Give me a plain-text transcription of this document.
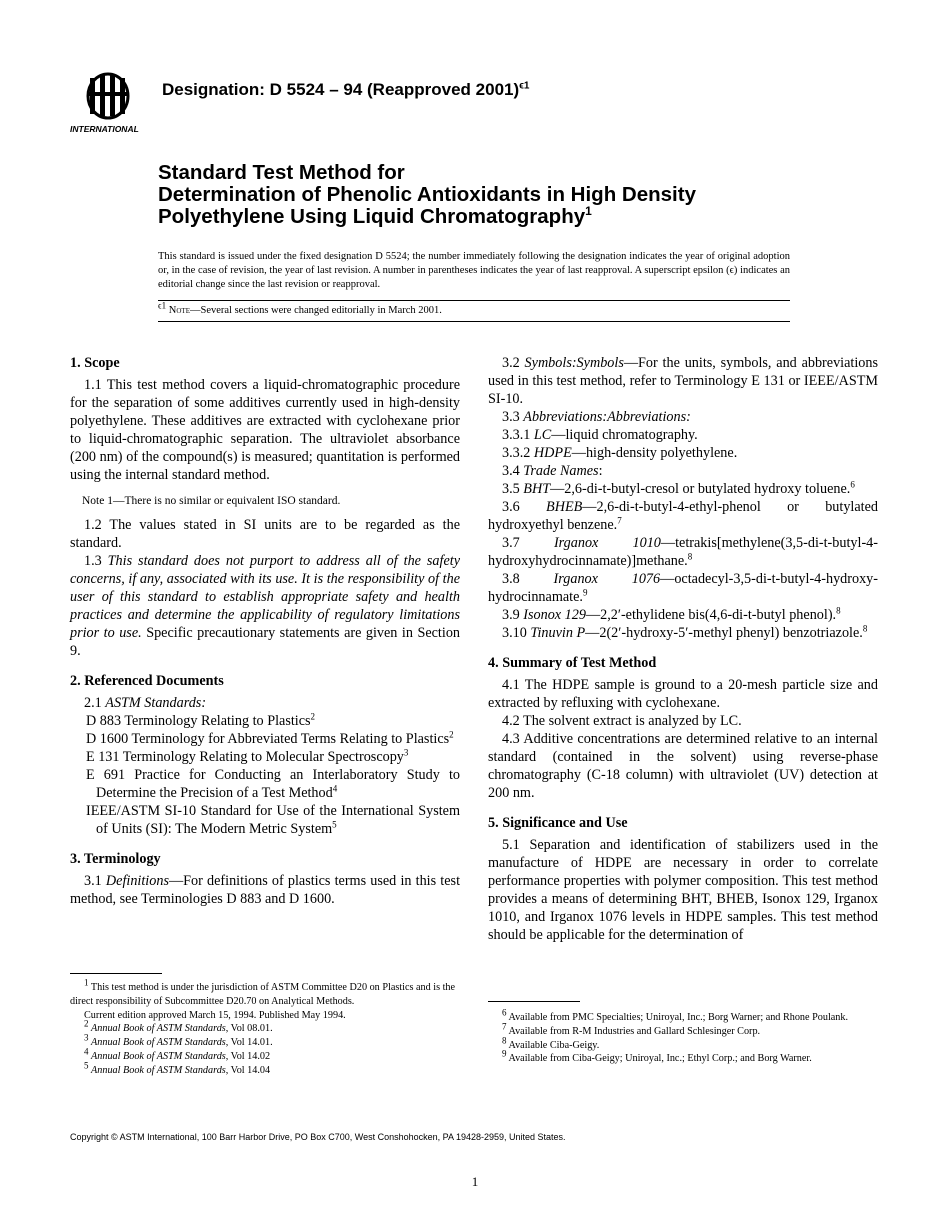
INTERNATIONAL
Designation: D 5524 – 94 (Reapproved 2001)$^{\epsilon 1}$
Standard Test Method for
Determination of Phenolic Antioxidants in High Density
Polyethylene Using Liquid Chromatography$^1$
This standard is issued under the fixed designation D 5524; the number immediately following the designation indicates the year of original adoption or, in the case of revision, the year of last revision. A number in parentheses indicates the year of last reapproval. A superscript epsilon (ϵ) indicates an editorial change since the last revision or reapproval.
$^{\epsilon 1}$ Note—Several sections were changed editorially in March 2001.
1. Scope

1.1 This test method covers a liquid-chromatographic procedure for the separation of some additives currently used in high-density polyethylene. These additives are extracted with cyclohexane prior to liquid-chromatographic separation. The ultraviolet absorbance (200 nm) of the compound(s) is measured; quantitation is performed using the internal standard method.

Note 1—There is no similar or equivalent ISO standard.

1.2 The values stated in SI units are to be regarded as the standard.

1.3 This standard does not purport to address all of the safety concerns, if any, associated with its use. It is the responsibility of the user of this standard to establish appropriate safety and health practices and determine the applicability of regulatory limitations prior to use. Specific precautionary statements are given in Section 9.

2. Referenced Documents

2.1 ASTM Standards:

D 883 Terminology Relating to Plastics$^2$

D 1600 Terminology for Abbreviated Terms Relating to Plastics$^2$

E 131 Terminology Relating to Molecular Spectroscopy$^3$

E 691 Practice for Conducting an Interlaboratory Study to Determine the Precision of a Test Method$^4$

IEEE/ASTM SI-10 Standard for Use of the International System of Units (SI): The Modern Metric System$^5$

3. Terminology

3.1 Definitions—For definitions of plastics terms used in this test method, see Terminologies D 883 and D 1600.

3.2 Symbols:Symbols—For the units, symbols, and abbreviations used in this test method, refer to Terminology E 131 or IEEE/ASTM SI-10.

3.3 Abbreviations:Abbreviations:

3.3.1 LC—liquid chromatography.

3.3.2 HDPE—high-density polyethylene.

3.4 Trade Names:

3.5 BHT—2,6-di-t-butyl-cresol or butylated hydroxy toluene.$^6$

3.6 BHEB—2,6-di-t-butyl-4-ethyl-phenol or butylated hydroxyethyl benzene.$^7$

3.7 Irganox 1010—tetrakis[methylene(3,5-di-t-butyl-4- hydroxyhydrocinnamate)]methane.$^8$

3.8 Irganox 1076—octadecyl-3,5-di-t-butyl-4-hydroxy- hydrocinnamate.$^9$

3.9 Isonox 129—2,2′-ethylidene bis(4,6-di-t-butyl phenol).$^8$

3.10 Tinuvin P—2(2′-hydroxy-5′-methyl phenyl) benzotriazole.$^8$

4. Summary of Test Method

4.1 The HDPE sample is ground to a 20-mesh particle size and extracted by refluxing with cyclohexane.

4.2 The solvent extract is analyzed by LC.

4.3 Additive concentrations are determined relative to an internal standard (contained in the solvent) using reverse-phase chromatography (C-18 column) with ultraviolet (UV) detection at 200 nm.

5. Significance and Use

5.1 Separation and identification of stabilizers used in the manufacture of HDPE are necessary in order to correlate performance properties with polymer composition. This test method provides a means of determining BHT, BHEB, Isonox 129, Irganox 1010, and Irganox 1076 levels in HDPE samples. This test method should be applicable for the determination of

$^1$ This test method is under the jurisdiction of ASTM Committee D20 on Plastics and is the direct responsibility of Subcommittee D20.70 on Analytical Methods.
Current edition approved March 15, 1994. Published May 1994.
$^2$ Annual Book of ASTM Standards, Vol 08.01.
$^3$ Annual Book of ASTM Standards, Vol 14.01.
$^4$ Annual Book of ASTM Standards, Vol 14.02
$^5$ Annual Book of ASTM Standards, Vol 14.04
$^6$ Available from PMC Specialties; Uniroyal, Inc.; Borg Warner; and Rhone Poulank.
$^7$ Available from R-M Industries and Gallard Schlesinger Corp.
$^8$ Available Ciba-Geigy.
$^9$ Available from Ciba-Geigy; Uniroyal, Inc.; Ethyl Corp.; and Borg Warner.
Copyright © ASTM International, 100 Barr Harbor Drive, PO Box C700, West Conshohocken, PA 19428-2959, United States.
1
